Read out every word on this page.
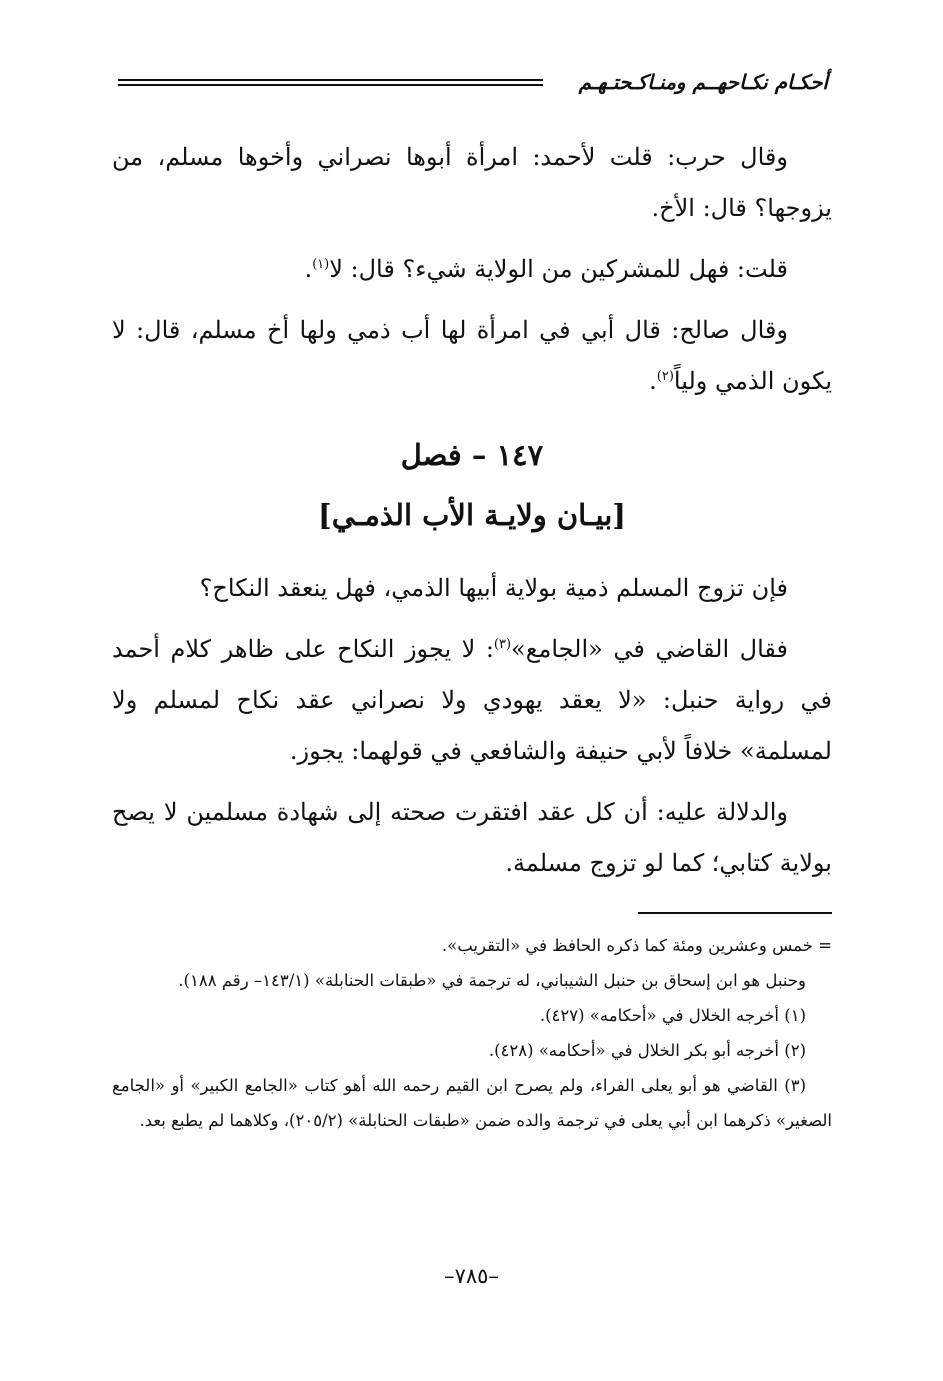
أحكـام نكـاحهــم ومنـاكـحتـهـم

وقال حرب: قلت لأحمد: امرأة أبوها نصراني وأخوها مسلم، من يزوجها؟ قال: الأخ.

قلت: فهل للمشركين من الولاية شيء؟ قال: لا$^{(١)}$.

وقال صالح: قال أبي في امرأة لها أب ذمي ولها أخ مسلم، قال: لا يكون الذمي ولياً$^{(٢)}$.

١٤٧ – فصل

[بيـان ولايـة الأب الذمـي]

فإن تزوج المسلم ذمية بولاية أبيها الذمي، فهل ينعقد النكاح؟

فقال القاضي في «الجامع»$^{(٣)}$: لا يجوز النكاح على ظاهر كلام أحمد في رواية حنبل: «لا يعقد يهودي ولا نصراني عقد نكاح لمسلم ولا لمسلمة» خلافاً لأبي حنيفة والشافعي في قولهما: يجوز.

والدلالة عليه: أن كل عقد افتقرت صحته إلى شهادة مسلمين لا يصح بولاية كتابي؛ كما لو تزوج مسلمة.

= خمس وعشرين ومئة كما ذكره الحافظ في «التقريب».

وحنبل هو ابن إسحاق بن حنبل الشيباني، له ترجمة في «طبقات الحنابلة» (١٤٣/١– رقم ١٨٨).

(١) أخرجه الخلال في «أحكامه» (٤٢٧).

(٢) أخرجه أبو بكر الخلال في «أحكامه» (٤٢٨).

(٣) القاضي هو أبو يعلى الفراء، ولم يصرح ابن القيم رحمه الله أهو كتاب «الجامع الكبير» أو «الجامع الصغير» ذكرهما ابن أبي يعلى في ترجمة والده ضمن «طبقات الحنابلة» (٢٠٥/٢)، وكلاهما لم يطبع بعد.

–٧٨٥–
